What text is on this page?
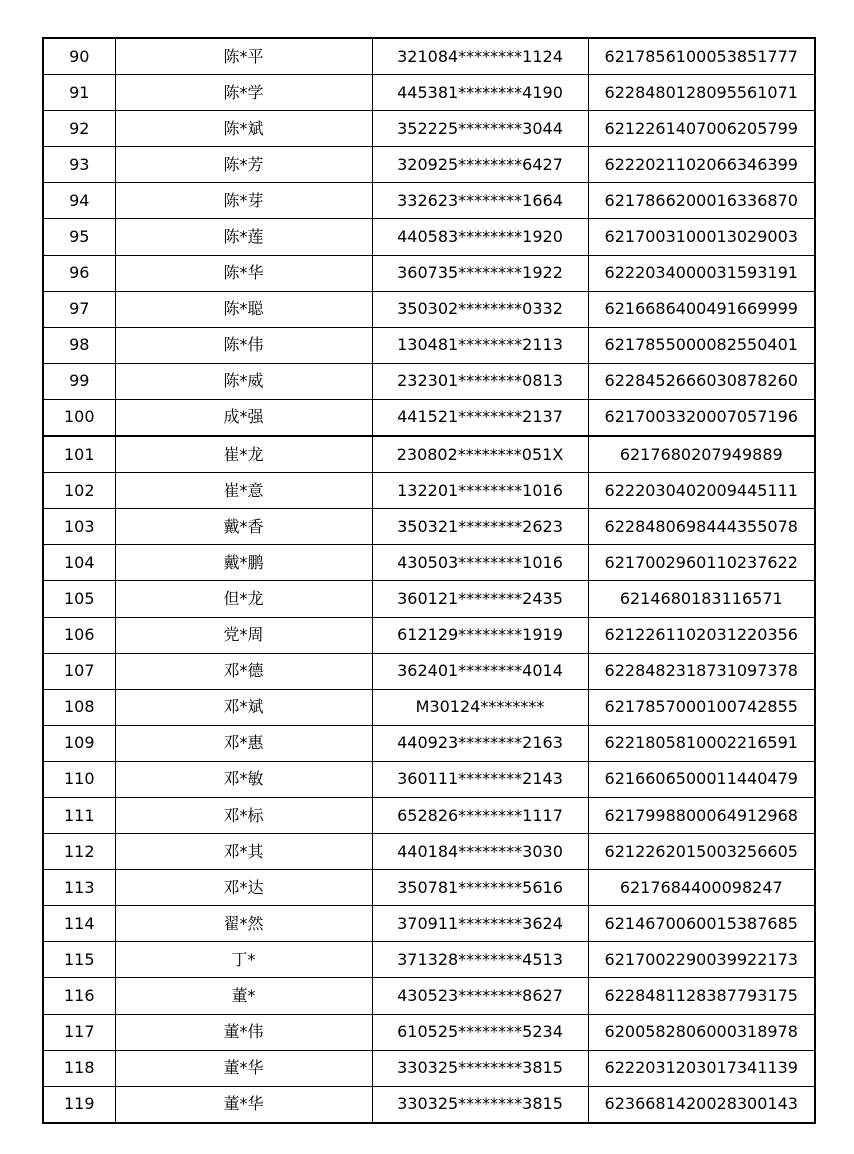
90	陈*平	321084********1124	6217856100053851777
91	陈*学	445381********4190	6228480128095561071
92	陈*斌	352225********3044	6212261407006205799
93	陈*芳	320925********6427	6222021102066346399
94	陈*芽	332623********1664	6217866200016336870
95	陈*莲	440583********1920	6217003100013029003
96	陈*华	360735********1922	6222034000031593191
97	陈*聪	350302********0332	6216686400491669999
98	陈*伟	130481********2113	6217855000082550401
99	陈*威	232301********0813	6228452666030878260
100	成*强	441521********2137	6217003320007057196
101	崔*龙	230802********051X	6217680207949889
102	崔*意	132201********1016	6222030402009445111
103	戴*香	350321********2623	6228480698444355078
104	戴*鹏	430503********1016	6217002960110237622
105	但*龙	360121********2435	6214680183116571
106	党*周	612129********1919	6212261102031220356
107	邓*德	362401********4014	6228482318731097378
108	邓*斌	M30124********	6217857000100742855
109	邓*惠	440923********2163	6221805810002216591
110	邓*敏	360111********2143	6216606500011440479
111	邓*标	652826********1117	6217998800064912968
112	邓*其	440184********3030	6212262015003256605
113	邓*达	350781********5616	6217684400098247
114	翟*然	370911********3624	6214670060015387685
115	丁*	371328********4513	6217002290039922173
116	董*	430523********8627	6228481128387793175
117	董*伟	610525********5234	6200582806000318978
118	董*华	330325********3815	6222031203017341139
119	董*华	330325********3815	6236681420028300143
